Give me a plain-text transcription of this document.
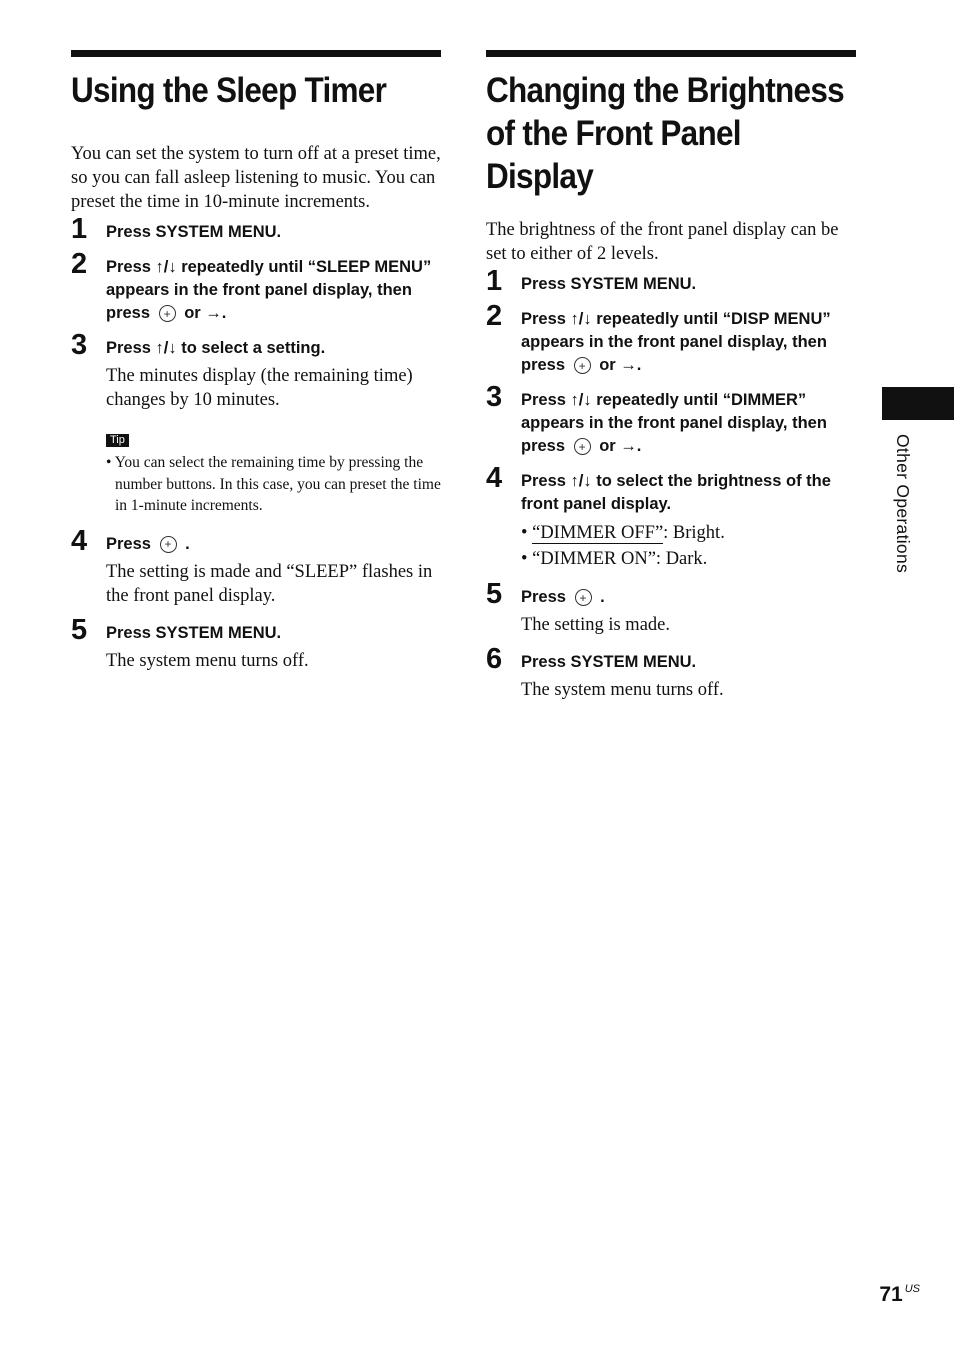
Using the Sleep Timer

You can set the system to turn off at a preset time, so you can fall asleep listening to music. You can preset the time in 10-minute increments.

1 Press SYSTEM MENU.
2 Press ↑/↓ repeatedly until “SLEEP MENU” appears in the front panel display, then press + or →.
3 Press ↑/↓ to select a setting.
The minutes display (the remaining time) changes by 10 minutes.
Tip
• You can select the remaining time by pressing the number buttons. In this case, you can preset the time in 1-minute increments.
4 Press + .
The setting is made and “SLEEP” flashes in the front panel display.
5 Press SYSTEM MENU.
The system menu turns off.
Changing the Brightness
of the Front Panel
Display

The brightness of the front panel display can be set to either of 2 levels.

1 Press SYSTEM MENU.
2 Press ↑/↓ repeatedly until “DISP MENU” appears in the front panel display, then press + or →.
3 Press ↑/↓ repeatedly until “DIMMER” appears in the front panel display, then press + or →.
4 Press ↑/↓ to select the brightness of the front panel display.
• “DIMMER OFF”: Bright.
• “DIMMER ON”: Dark.
5 Press + .
The setting is made.
6 Press SYSTEM MENU.
The system menu turns off.
Other Operations
71 $^{US}$
